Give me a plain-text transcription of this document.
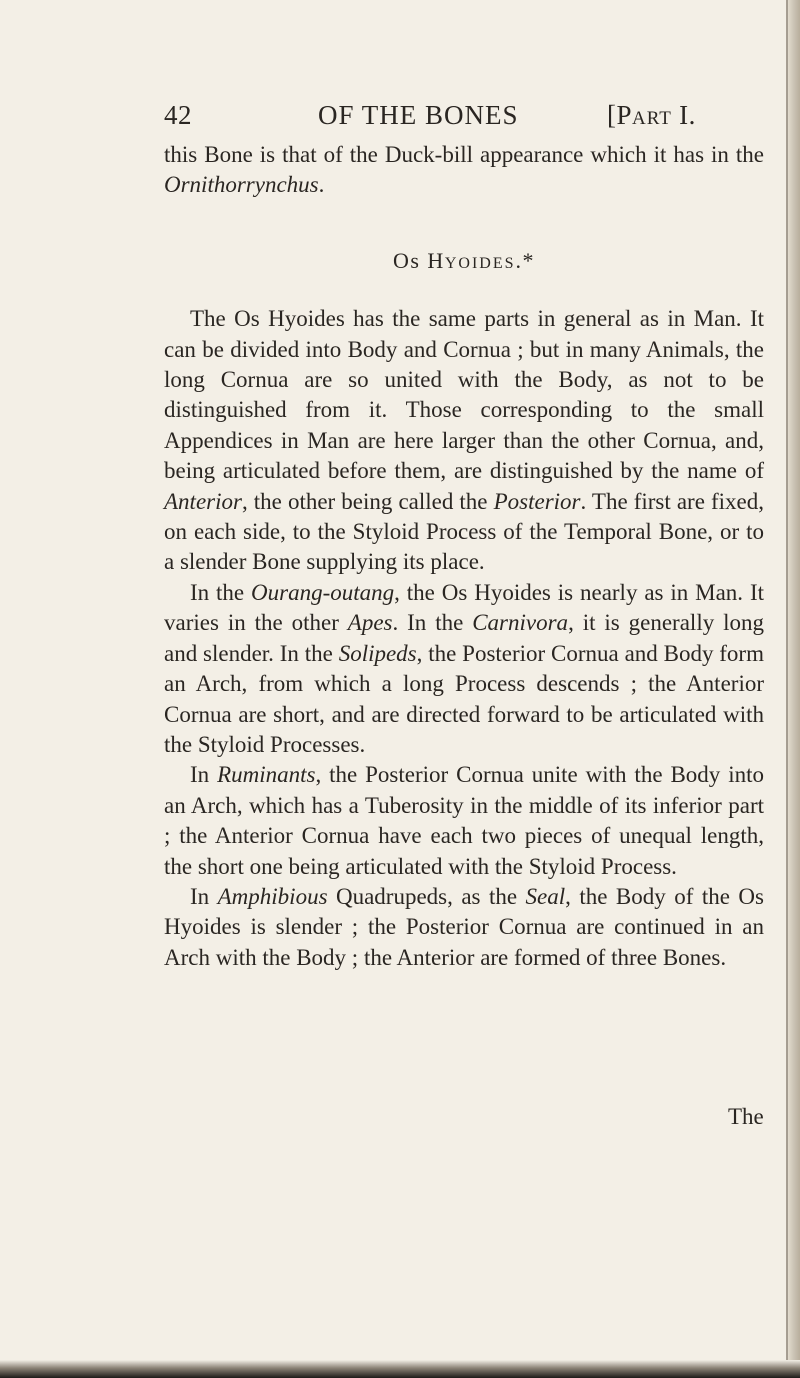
42	OF THE BONES	[PART I.

this Bone is that of the Duck-bill appearance which it has in the Ornithorrynchus.

Os HYOIDES.*

The Os Hyoides has the same parts in general as in Man. It can be divided into Body and Cornua ; but in many Animals, the long Cornua are so united with the Body, as not to be distinguished from it. Those corresponding to the small Appendices in Man are here larger than the other Cornua, and, being articulated before them, are distinguished by the name of Anterior, the other being called the Posterior. The first are fixed, on each side, to the Styloid Process of the Temporal Bone, or to a slender Bone supplying its place.

In the Ourang-outang, the Os Hyoides is nearly as in Man. It varies in the other Apes. In the Carnivora, it is generally long and slender. In the Solipeds, the Posterior Cornua and Body form an Arch, from which a long Process descends ; the Anterior Cornua are short, and are directed forward to be articulated with the Styloid Processes.

In Ruminants, the Posterior Cornua unite with the Body into an Arch, which has a Tuberosity in the middle of its inferior part ; the Anterior Cornua have each two pieces of unequal length, the short one being articulated with the Styloid Process.

In Amphibious Quadrupeds, as the Seal, the Body of the Os Hyoides is slender ; the Posterior Cornua are continued in an Arch with the Body ; the Anterior are formed of three Bones.

The
